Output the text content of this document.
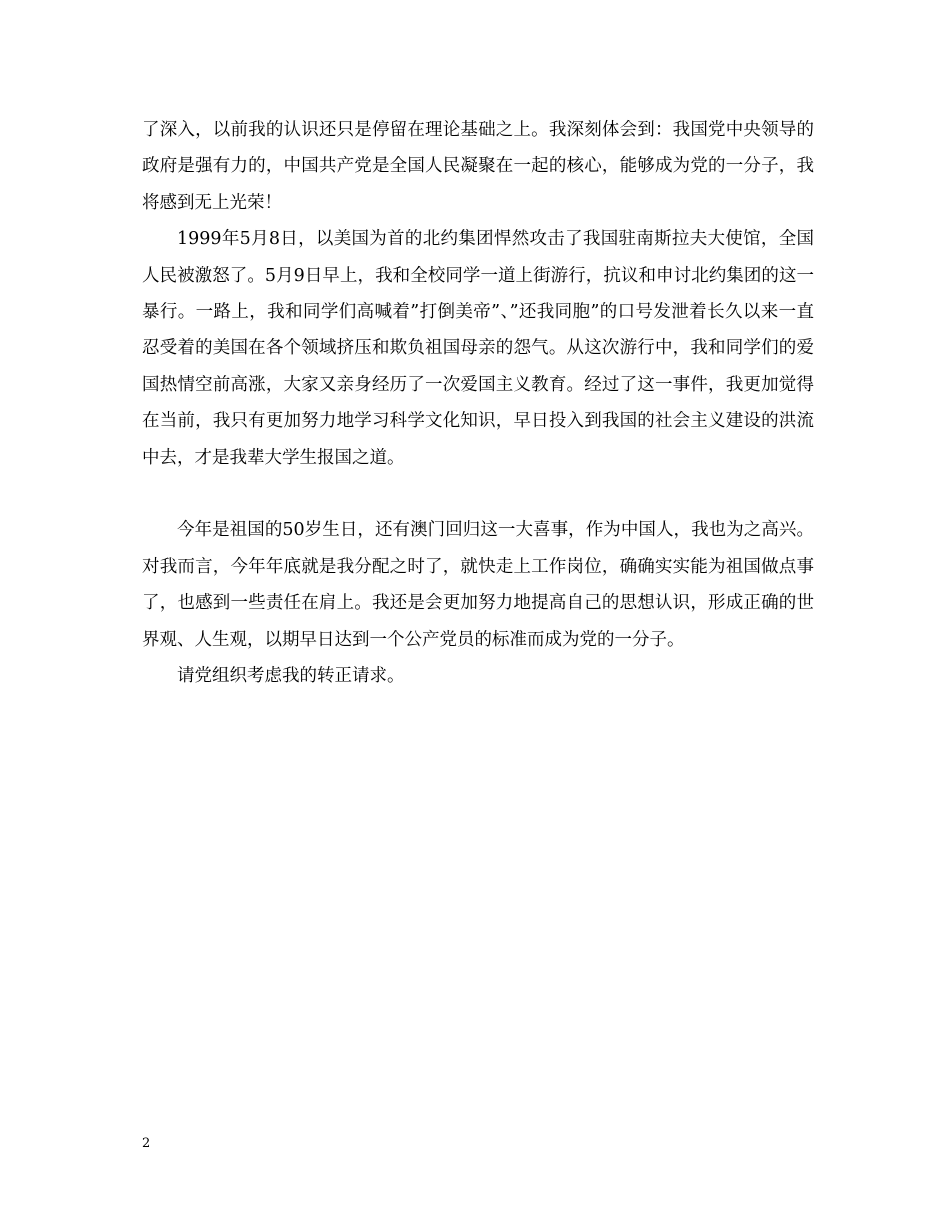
了深入，以前我的认识还只是停留在理论基础之上。我深刻体会到：我国党中央领导的政府是强有力的，中国共产党是全国人民凝聚在一起的核心，能够成为党的一分子，我将感到无上光荣！

1999年5月8日，以美国为首的北约集团悍然攻击了我国驻南斯拉夫大使馆，全国人民被激怒了。5月9日早上，我和全校同学一道上街游行，抗议和申讨北约集团的这一暴行。一路上，我和同学们高喊着”打倒美帝”、”还我同胞”的口号发泄着长久以来一直忍受着的美国在各个领域挤压和欺负祖国母亲的怨气。从这次游行中，我和同学们的爱国热情空前高涨，大家又亲身经历了一次爱国主义教育。经过了这一事件，我更加觉得在当前，我只有更加努力地学习科学文化知识，早日投入到我国的社会主义建设的洪流中去，才是我辈大学生报国之道。

今年是祖国的50岁生日，还有澳门回归这一大喜事，作为中国人，我也为之高兴。对我而言，今年年底就是我分配之时了，就快走上工作岗位，确确实实能为祖国做点事了，也感到一些责任在肩上。我还是会更加努力地提高自己的思想认识，形成正确的世界观、人生观，以期早日达到一个公产党员的标准而成为党的一分子。

请党组织考虑我的转正请求。

2
